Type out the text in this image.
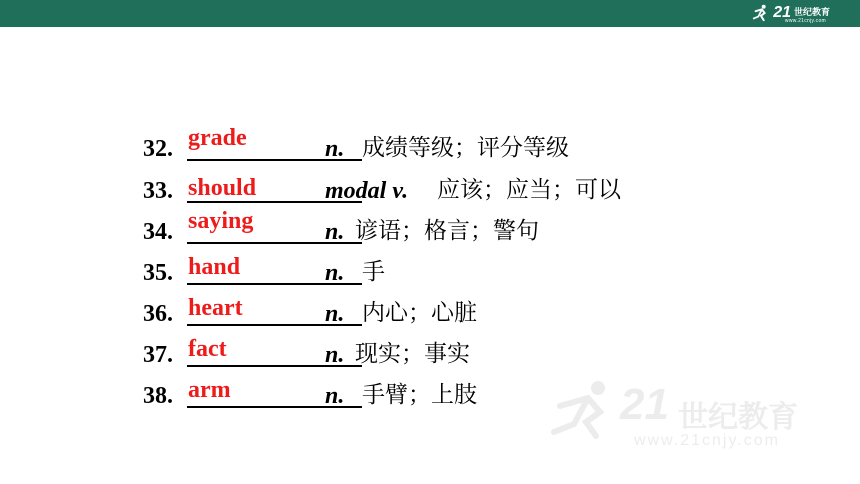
21 世纪教育
www.21cnjy.com
32. grade	n. 成绩等级；评分等级
33. should	modal v. 应该；应当；可以
34. saying	n. 谚语；格言；警句
35. hand	n. 手
36. heart	n. 内心；心脏
37. fact	n. 现实；事实
38. arm	n. 手臂；上肢	21 世纪教育
www.21cnjy.com
